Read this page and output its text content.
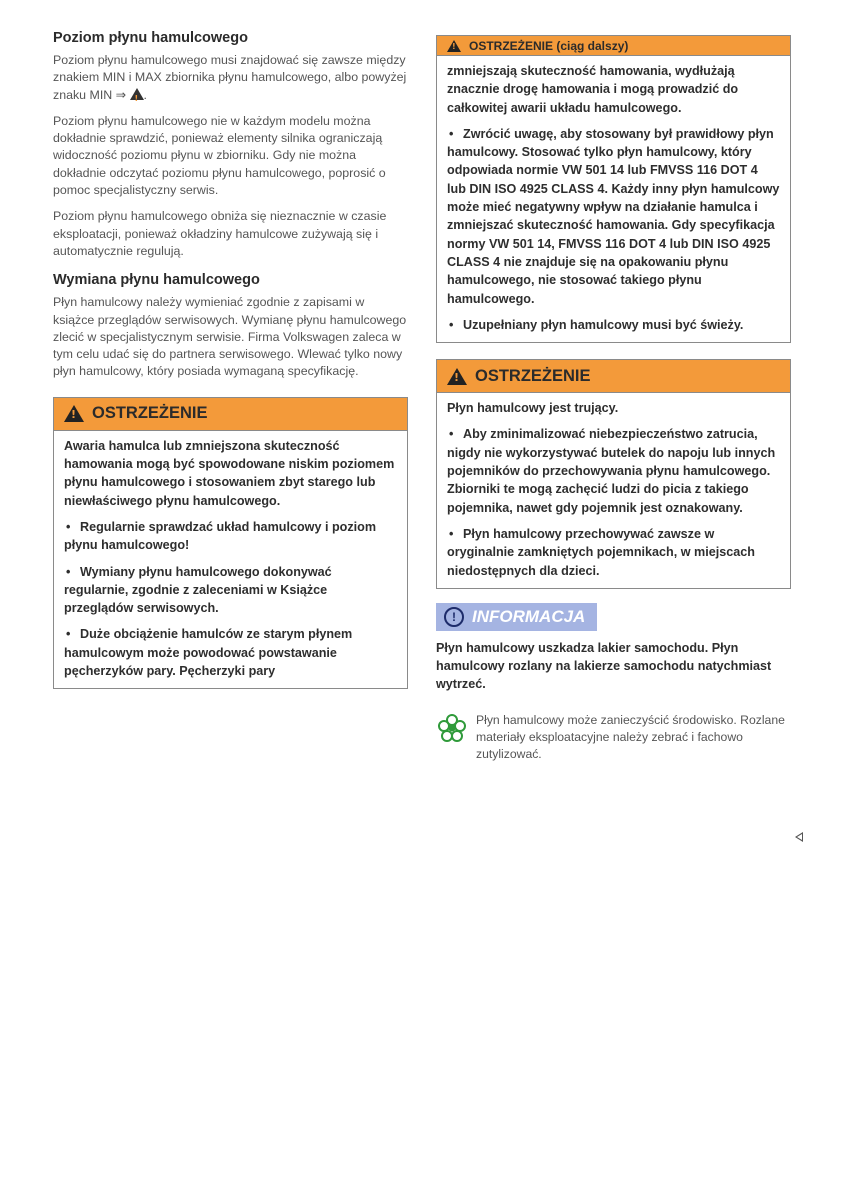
Poziom płynu hamulcowego

Poziom płynu hamulcowego musi znajdować się zawsze między znakiem MIN i MAX zbiornika płynu hamulcowego, albo powyżej znaku MIN ⇒ ! .

Poziom płynu hamulcowego nie w każdym modelu można dokładnie sprawdzić, ponieważ elementy silnika ograniczają widoczność poziomu płynu w zbiorniku. Gdy nie można dokładnie odczytać poziomu płynu hamulcowego, poprosić o pomoc specjalistyczny serwis.

Poziom płynu hamulcowego obniża się nieznacznie w czasie eksploatacji, ponieważ okładziny hamulcowe zużywają się i automatycznie regulują.

Wymiana płynu hamulcowego

Płyn hamulcowy należy wymieniać zgodnie z zapisami w książce przeglądów serwisowych. Wymianę płynu hamulcowego zlecić w specjalistycznym serwisie. Firma Volkswagen zaleca w tym celu udać się do partnera serwisowego. Wlewać tylko nowy płyn hamulcowy, który posiada wymaganą specyfikację.

!
OSTRZEŻENIE

Awaria hamulca lub zmniejszona skuteczność hamowania mogą być spowodowane niskim poziomem płynu hamulcowego i stosowaniem zbyt starego lub niewłaściwego płynu hamulcowego.

• Regularnie sprawdzać układ hamulcowy i poziom płynu hamulcowego!

• Wymiany płynu hamulcowego dokonywać regularnie, zgodnie z zaleceniami w Książce przeglądów serwisowych.

• Duże obciążenie hamulców ze starym płynem hamulcowym może powodować powstawanie pęcherzyków pary. Pęcherzyki pary

!
OSTRZEŻENIE (ciąg dalszy)

zmniejszają skuteczność hamowania, wydłużają znacznie drogę hamowania i mogą prowadzić do całkowitej awarii układu hamulcowego.

• Zwrócić uwagę, aby stosowany był prawidłowy płyn hamulcowy. Stosować tylko płyn hamulcowy, który odpowiada normie VW 501 14 lub FMVSS 116 DOT 4 lub DIN ISO 4925 CLASS 4. Każdy inny płyn hamulcowy może mieć negatywny wpływ na działanie hamulca i zmniejszać skuteczność hamowania. Gdy specyfikacja normy VW 501 14, FMVSS 116 DOT 4 lub DIN ISO 4925 CLASS 4 nie znajduje się na opakowaniu płynu hamulcowego, nie stosować takiego płynu hamulcowego.

• Uzupełniany płyn hamulcowy musi być świeży.

!
OSTRZEŻENIE

Płyn hamulcowy jest trujący.

• Aby zminimalizować niebezpieczeństwo zatrucia, nigdy nie wykorzystywać butelek do napoju lub innych pojemników do przechowywania płynu hamulcowego. Zbiorniki te mogą zachęcić ludzi do picia z takiego pojemnika, nawet gdy pojemnik jest oznakowany.

• Płyn hamulcowy przechowywać zawsze w oryginalnie zamkniętych pojemnikach, w miejscach niedostępnych dla dzieci.

! INFORMACJA

Płyn hamulcowy uszkadza lakier samochodu. Płyn hamulcowy rozlany na lakierze samochodu natychmiast wytrzeć.

Płyn hamulcowy może zanieczyścić środowisko. Rozlane materiały eksploatacyjne należy zebrać i fachowo zutylizować.
